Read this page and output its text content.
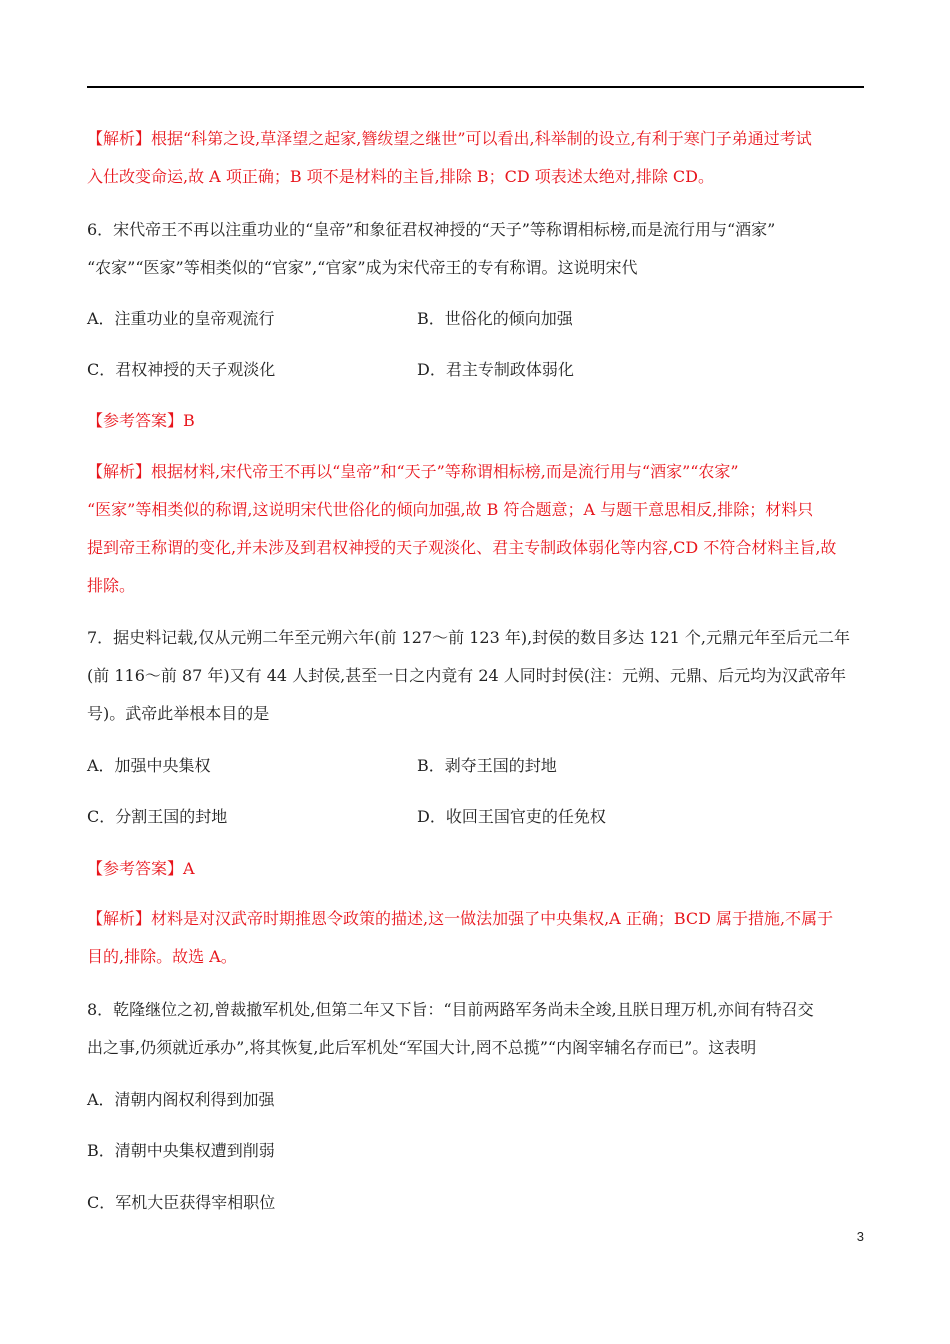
【解析】根据“科第之设,草泽望之起家,簪绂望之继世”可以看出,科举制的设立,有利于寒门子弟通过考试
入仕改变命运,故 A 项正确；B 项不是材料的主旨,排除 B；CD 项表述太绝对,排除 CD。
6．宋代帝王不再以注重功业的“皇帝”和象征君权神授的“天子”等称谓相标榜,而是流行用与“酒家”
“农家”“医家”等相类似的“官家”,“官家”成为宋代帝王的专有称谓。这说明宋代
A．注重功业的皇帝观流行	B．世俗化的倾向加强
C．君权神授的天子观淡化	D．君主专制政体弱化
【参考答案】B
【解析】根据材料,宋代帝王不再以“皇帝”和“天子”等称谓相标榜,而是流行用与“酒家”“农家”
“医家”等相类似的称谓,这说明宋代世俗化的倾向加强,故 B 符合题意；A 与题干意思相反,排除；材料只
提到帝王称谓的变化,并未涉及到君权神授的天子观淡化、君主专制政体弱化等内容,CD 不符合材料主旨,故
排除。
7．据史料记载,仅从元朔二年至元朔六年(前 127～前 123 年),封侯的数目多达 121 个,元鼎元年至后元二年
(前 116～前 87 年)又有 44 人封侯,甚至一日之内竟有 24 人同时封侯(注：元朔、元鼎、后元均为汉武帝年
号)。武帝此举根本目的是
A．加强中央集权	B．剥夺王国的封地
C．分割王国的封地	D．收回王国官吏的任免权
【参考答案】A
【解析】材料是对汉武帝时期推恩令政策的描述,这一做法加强了中央集权,A 正确；BCD 属于措施,不属于
目的,排除。故选 A。
8．乾隆继位之初,曾裁撤军机处,但第二年又下旨：“目前两路军务尚未全竣,且朕日理万机,亦间有特召交
出之事,仍须就近承办”,将其恢复,此后军机处“军国大计,罔不总揽”“内阁宰辅名存而已”。这表明
A．清朝内阁权利得到加强
B．清朝中央集权遭到削弱
C．军机大臣获得宰相职位
3
